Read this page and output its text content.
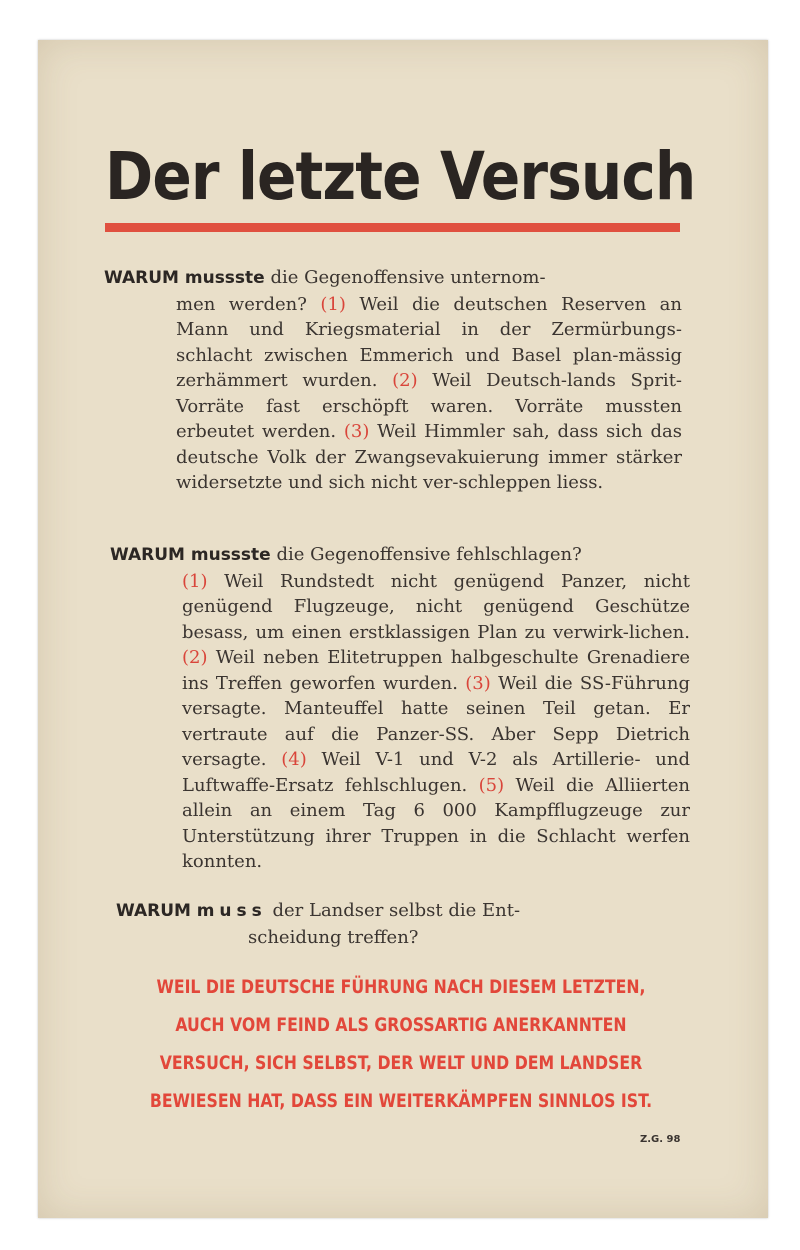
Der letzte Versuch
WARUM mussste die Gegenoffensive unternom-
men werden? (1) Weil die deutschen Reserven an Mann und Kriegsmaterial in der Zermürbungs-schlacht zwischen Emmerich und Basel plan-mässig zerhämmert wurden. (2) Weil Deutsch-lands Sprit-Vorräte fast erschöpft waren. Vorräte mussten erbeutet werden. (3) Weil Himmler sah, dass sich das deutsche Volk der Zwangsevakuierung immer stärker widersetzte und sich nicht ver-schleppen liess.
WARUM mussste die Gegenoffensive fehlschlagen?
(1) Weil Rundstedt nicht genügend Panzer, nicht genügend Flugzeuge, nicht genügend Geschütze besass, um einen erstklassigen Plan zu verwirk-lichen. (2) Weil neben Elitetruppen halbgeschulte Grenadiere ins Treffen geworfen wurden. (3) Weil die SS-Führung versagte. Manteuffel hatte seinen Teil getan. Er vertraute auf die Panzer-SS. Aber Sepp Dietrich versagte. (4) Weil V-1 und V-2 als Artillerie- und Luftwaffe-Ersatz fehlschlugen. (5) Weil die Alliierten allein an einem Tag 6 000 Kampfflugzeuge zur Unterstützung ihrer Truppen in die Schlacht werfen konnten.
WARUM muss der Landser selbst die Ent-
scheidung treffen?

WEIL DIE DEUTSCHE FÜHRUNG NACH DIESEM LETZTEN, AUCH VOM FEIND ALS GROSSARTIG ANERKANNTEN VERSUCH, SICH SELBST, DER WELT UND DEM LANDSER BEWIESEN HAT, DASS EIN WEITERKÄMPFEN SINNLOS IST.

Z.G. 98
